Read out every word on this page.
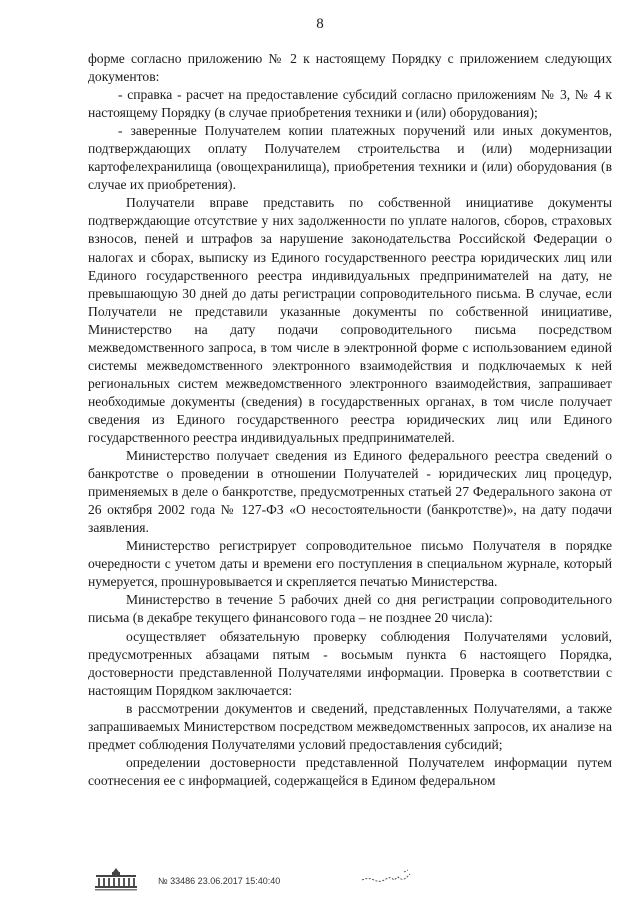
8

форме согласно приложению № 2 к настоящему Порядку с приложением следующих документов:

- справка - расчет на предоставление субсидий согласно приложениям № 3, № 4 к настоящему Порядку (в случае приобретения техники и (или) оборудования);

- заверенные Получателем копии платежных поручений или иных документов, подтверждающих оплату Получателем строительства и (или) модернизации картофелехранилища (овощехранилища), приобретения техники и (или) оборудования (в случае их приобретения).

Получатели вправе представить по собственной инициативе документы подтверждающие отсутствие у них задолженности по уплате налогов, сборов, страховых взносов, пеней и штрафов за нарушение законодательства Российской Федерации о налогах и сборах, выписку из Единого государственного реестра юридических лиц или Единого государственного реестра индивидуальных предпринимателей на дату, не превышающую 30 дней до даты регистрации сопроводительного письма. В случае, если Получатели не представили указанные документы по собственной инициативе, Министерство на дату подачи сопроводительного письма посредством межведомственного запроса, в том числе в электронной форме с использованием единой системы межведомственного электронного взаимодействия и подключаемых к ней региональных систем межведомственного электронного взаимодействия, запрашивает необходимые документы (сведения) в государственных органах, в том числе получает сведения из Единого государственного реестра юридических лиц или Единого государственного реестра индивидуальных предпринимателей.

Министерство получает сведения из Единого федерального реестра сведений о банкротстве о проведении в отношении Получателей - юридических лиц процедур, применяемых в деле о банкротстве, предусмотренных статьей 27 Федерального закона от 26 октября 2002 года № 127-ФЗ «О несостоятельности (банкротстве)», на дату подачи заявления.

Министерство регистрирует сопроводительное письмо Получателя в порядке очередности с учетом даты и времени его поступления в специальном журнале, который нумеруется, прошнуровывается и скрепляется печатью Министерства.

Министерство в течение 5 рабочих дней со дня регистрации сопроводительного письма (в декабре текущего финансового года – не позднее 20 числа):

осуществляет обязательную проверку соблюдения Получателями условий, предусмотренных абзацами пятым - восьмым пункта 6 настоящего Порядка, достоверности представленной Получателями информации. Проверка в соответствии с настоящим Порядком заключается:

в рассмотрении документов и сведений, представленных Получателями, а также запрашиваемых Министерством посредством межведомственных запросов, их анализе на предмет соблюдения Получателями условий предоставления субсидий;

определении достоверности представленной Получателем информации путем соотнесения ее с информацией, содержащейся в Едином федеральном

№ 33486 23.06.2017 15:40:40
